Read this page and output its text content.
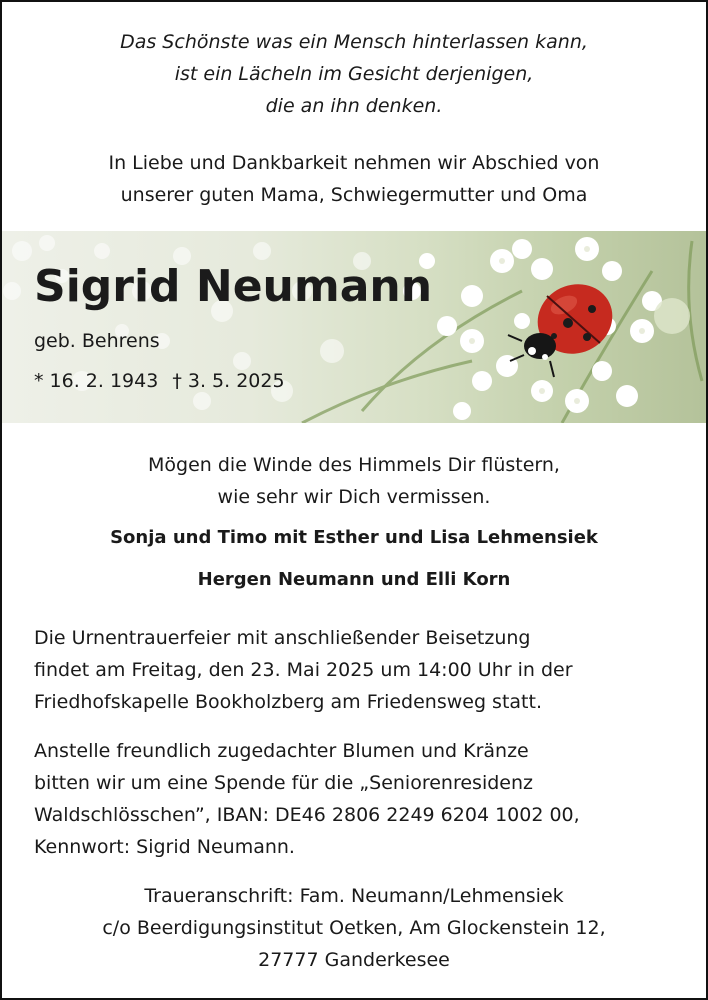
Das Schönste was ein Mensch hinterlassen kann,
ist ein Lächeln im Gesicht derjenigen,
die an ihn denken.
In Liebe und Dankbarkeit nehmen wir Abschied von
unserer guten Mama, Schwiegermutter und Oma
Sigrid Neumann
geb. Behrens
* 16. 2. 1943 † 3. 5. 2025
Mögen die Winde des Himmels Dir flüstern,
wie sehr wir Dich vermissen.
Sonja und Timo mit Esther und Lisa Lehmensiek
Hergen Neumann und Elli Korn
Die Urnentrauerfeier mit anschließender Beisetzung
findet am Freitag, den 23. Mai 2025 um 14:00 Uhr in der
Friedhofskapelle Bookholzberg am Friedensweg statt.
Anstelle freundlich zugedachter Blumen und Kränze
bitten wir um eine Spende für die „Seniorenresidenz
Waldschlösschen”, IBAN: DE46 2806 2249 6204 1002 00,
Kennwort: Sigrid Neumann.
Traueranschrift: Fam. Neumann/Lehmensiek
c/o Beerdigungsinstitut Oetken, Am Glockenstein 12,
27777 Ganderkesee
